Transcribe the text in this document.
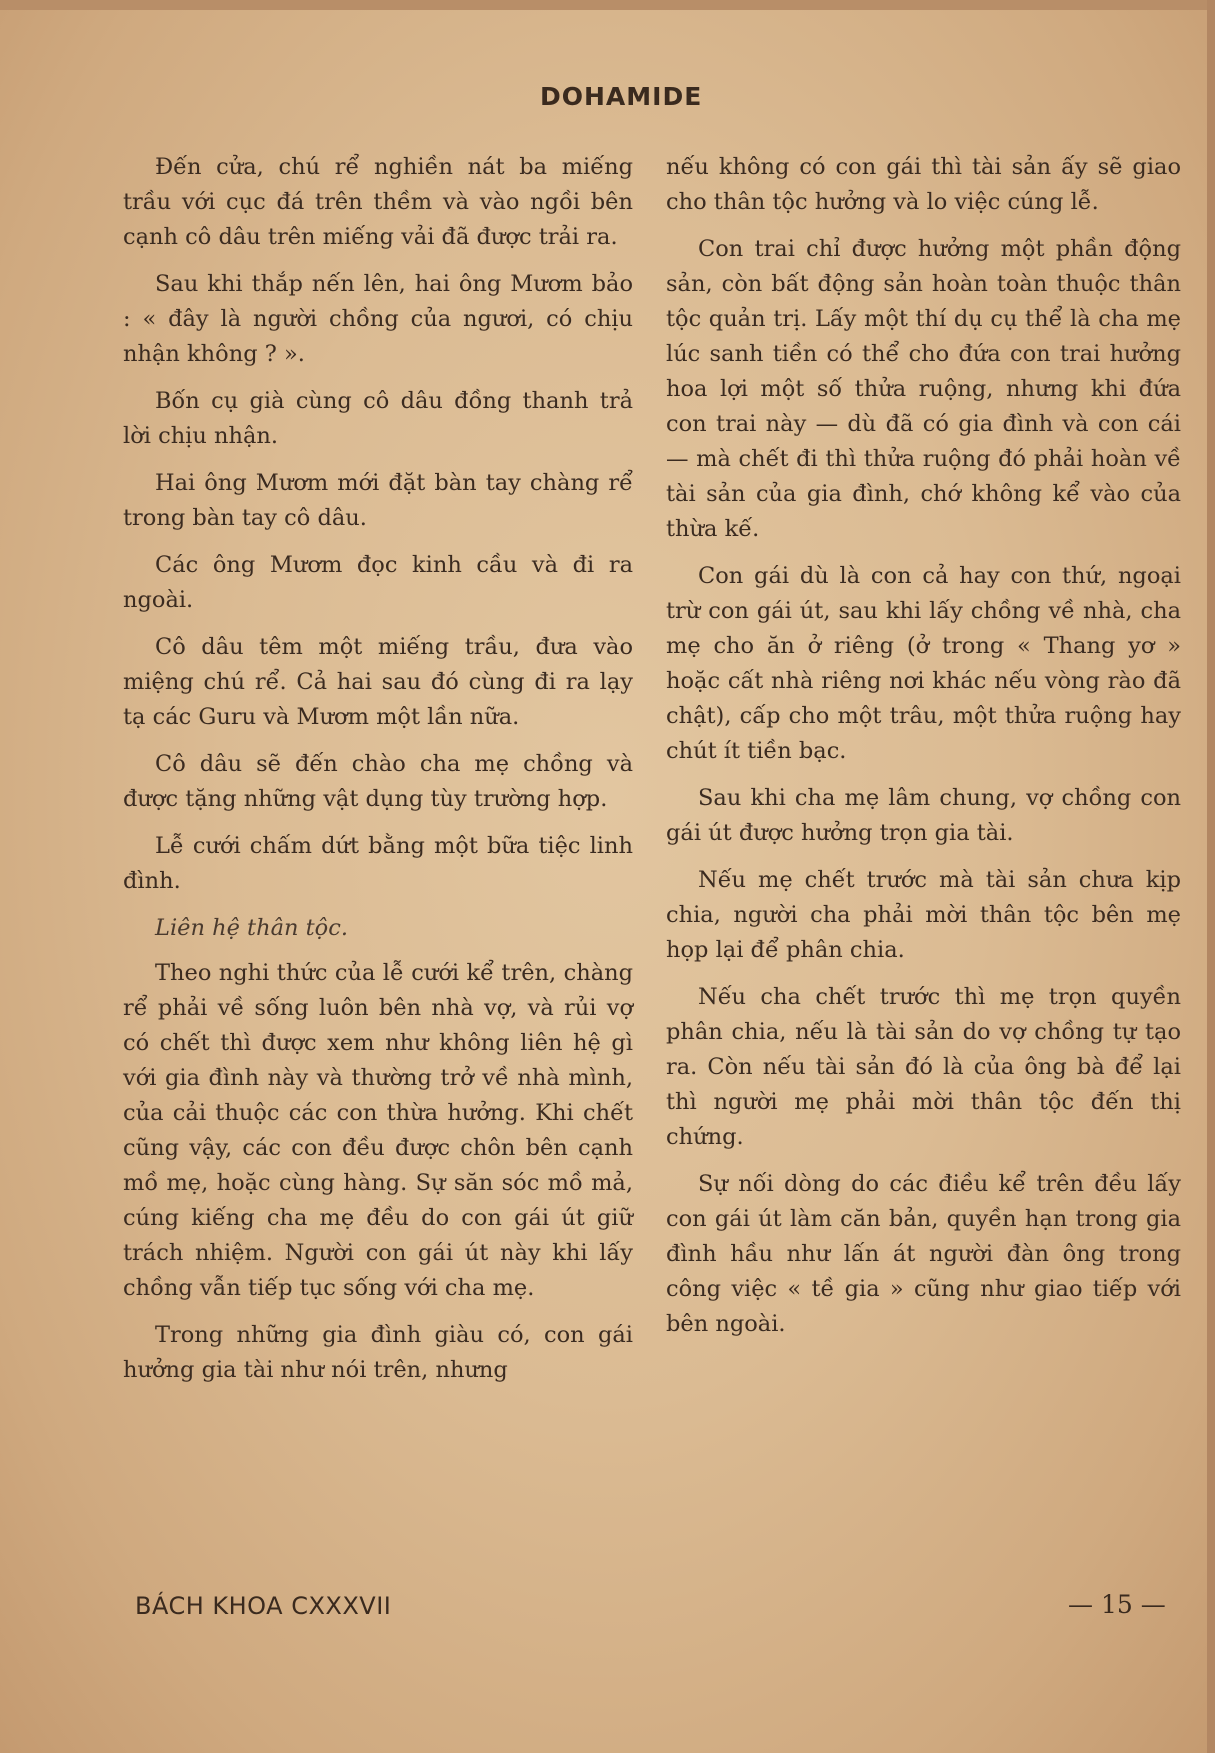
DOHAMIDE

Đến cửa, chú rể nghiền nát ba miếng trầu với cục đá trên thềm và vào ngồi bên cạnh cô dâu trên miếng vải đã được trải ra.

Sau khi thắp nến lên, hai ông Mươm bảo : « đây là người chồng của ngươi, có chịu nhận không ? ».

Bốn cụ già cùng cô dâu đồng thanh trả lời chịu nhận.

Hai ông Mươm mới đặt bàn tay chàng rể trong bàn tay cô dâu.

Các ông Mươm đọc kinh cầu và đi ra ngoài.

Cô dâu têm một miếng trầu, đưa vào miệng chú rể. Cả hai sau đó cùng đi ra lạy tạ các Guru và Mươm một lần nữa.

Cô dâu sẽ đến chào cha mẹ chồng và được tặng những vật dụng tùy trường hợp.

Lễ cưới chấm dứt bằng một bữa tiệc linh đình.

Liên hệ thân tộc.

Theo nghi thức của lễ cưới kể trên, chàng rể phải về sống luôn bên nhà vợ, và rủi vợ có chết thì được xem như không liên hệ gì với gia đình này và thường trở về nhà mình, của cải thuộc các con thừa hưởng. Khi chết cũng vậy, các con đều được chôn bên cạnh mồ mẹ, hoặc cùng hàng. Sự săn sóc mồ mả, cúng kiếng cha mẹ đều do con gái út giữ trách nhiệm. Người con gái út này khi lấy chồng vẫn tiếp tục sống với cha mẹ.

Trong những gia đình giàu có, con gái hưởng gia tài như nói trên, nhưng

nếu không có con gái thì tài sản ấy sẽ giao cho thân tộc hưởng và lo việc cúng lễ.

Con trai chỉ được hưởng một phần động sản, còn bất động sản hoàn toàn thuộc thân tộc quản trị. Lấy một thí dụ cụ thể là cha mẹ lúc sanh tiền có thể cho đứa con trai hưởng hoa lợi một số thửa ruộng, nhưng khi đứa con trai này — dù đã có gia đình và con cái — mà chết đi thì thửa ruộng đó phải hoàn về tài sản của gia đình, chớ không kể vào của thừa kế.

Con gái dù là con cả hay con thứ, ngoại trừ con gái út, sau khi lấy chồng về nhà, cha mẹ cho ăn ở riêng (ở trong « Thang yơ » hoặc cất nhà riêng nơi khác nếu vòng rào đã chật), cấp cho một trâu, một thửa ruộng hay chút ít tiền bạc.

Sau khi cha mẹ lâm chung, vợ chồng con gái út được hưởng trọn gia tài.

Nếu mẹ chết trước mà tài sản chưa kịp chia, người cha phải mời thân tộc bên mẹ họp lại để phân chia.

Nếu cha chết trước thì mẹ trọn quyền phân chia, nếu là tài sản do vợ chồng tự tạo ra. Còn nếu tài sản đó là của ông bà để lại thì người mẹ phải mời thân tộc đến thị chứng.

Sự nối dòng do các điều kể trên đều lấy con gái út làm căn bản, quyền hạn trong gia đình hầu như lấn át người đàn ông trong công việc « tề gia » cũng như giao tiếp với bên ngoài.

BÁCH KHOA CXXXVII	— 15 —
